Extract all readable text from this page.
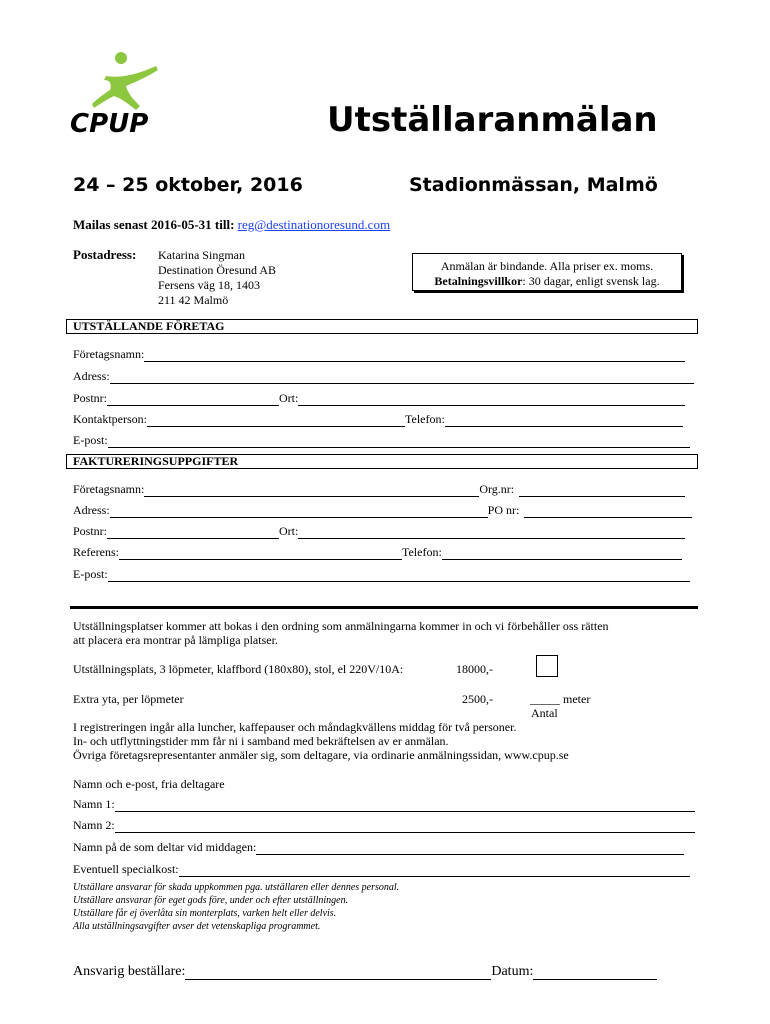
CPUP	Utställaranmälan
24 – 25 oktober, 2016	Stadionmässan, Malmö
Mailas senast 2016-05-31 till: reg@destinationoresund.com
Postadress: Katarina Singman
Destination Öresund AB
Fersens väg 18, 1403
211 42 Malmö
Anmälan är bindande. Alla priser ex. moms.
Betalningsvillkor: 30 dagar, enligt svensk lag.
UTSTÄLLANDE FÖRETAG
Företagsnamn:
Adress:
Postnr:	Ort:
Kontaktperson:	Telefon:
E-post:
FAKTURERINGSUPPGIFTER
Företagsnamn:	Org.nr:
Adress:	PO nr:
Postnr:	Ort:
Referens:	Telefon:
E-post:
Utställningsplatser kommer att bokas i den ordning som anmälningarna kommer in och vi förbehåller oss rätten
att placera era montrar på lämpliga platser.
Utställningsplats, 3 löpmeter, klaffbord (180x80), stol, el 220V/10A:	18000,-
Extra yta, per löpmeter	2500,-	_____ meter
Antal
I registreringen ingår alla luncher, kaffepauser och måndagkvällens middag för två personer.
In- och utflyttningstider mm får ni i samband med bekräftelsen av er anmälan.
Övriga företagsrepresentanter anmäler sig, som deltagare, via ordinarie anmälningssidan, www.cpup.se
Namn och e-post, fria deltagare
Namn 1:
Namn 2:
Namn på de som deltar vid middagen:
Eventuell specialkost:
Utställare ansvarar för skada uppkommen pga. utställaren eller dennes personal.
Utställare ansvarar för eget gods före, under och efter utställningen.
Utställare får ej överlåta sin monterplats, varken helt eller delvis.
Alla utställningsavgifter avser det vetenskapliga programmet.
Ansvarig beställare:	Datum:
